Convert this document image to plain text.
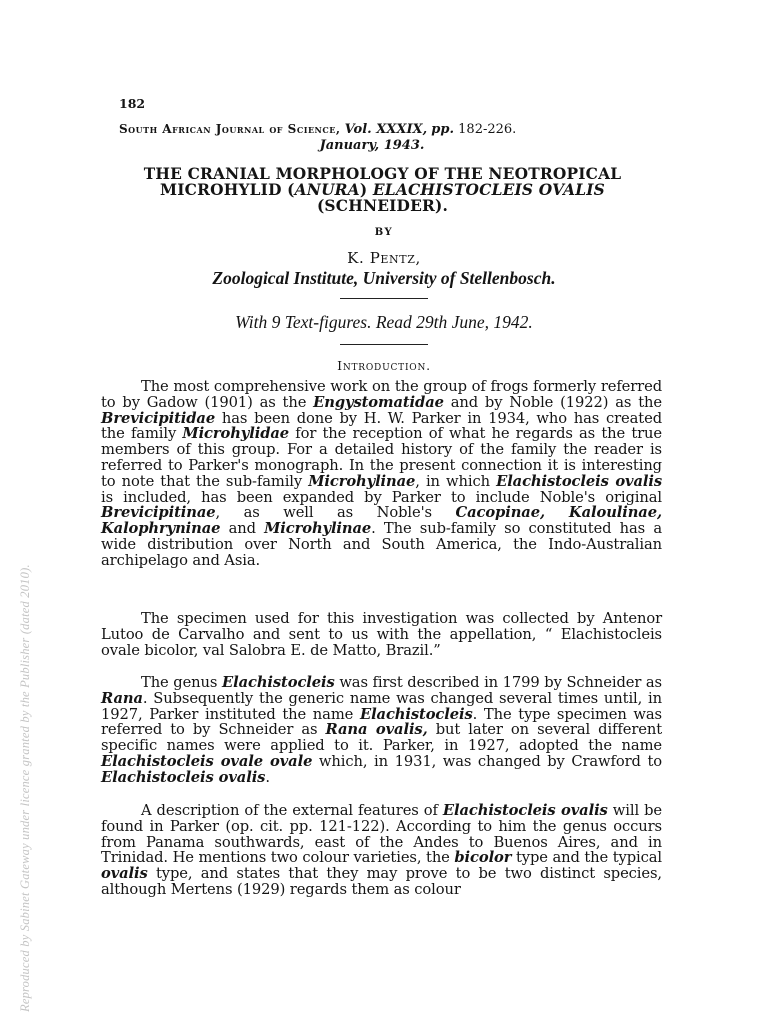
Reproduced by Sabinet Gateway under licence granted by the Publisher (dated 2010).
182
South African Journal of Science, Vol. XXXIX, pp. 182-226.
January, 1943.
THE CRANIAL MORPHOLOGY OF THE NEOTROPICAL
MICROHYLID (ANURA) ELACHISTOCLEIS OVALIS
(SCHNEIDER).
BY
K. Pentz,
Zoological Institute, University of Stellenbosch.
With 9 Text-figures. Read 29th June, 1942.
Introduction.

The most comprehensive work on the group of frogs formerly referred to by Gadow (1901) as the Engystomatidae and by Noble (1922) as the Brevicipitidae has been done by H. W. Parker in 1934, who has created the family Microhylidae for the reception of what he regards as the true members of this group. For a detailed history of the family the reader is referred to Parker's monograph. In the present connection it is interesting to note that the sub-family Microhylinae, in which Elachistocleis ovalis is included, has been expanded by Parker to include Noble's original Brevicipitinae, as well as Noble's Cacopinae, Kaloulinae, Kalophryninae and Microhylinae. The sub-family so constituted has a wide distribution over North and South America, the Indo-Australian archipelago and Asia.

The specimen used for this investigation was collected by Antenor Lutoo de Carvalho and sent to us with the appellation, “ Elachistocleis ovale bicolor, val Salobra E. de Matto, Brazil.”

The genus Elachistocleis was first described in 1799 by Schneider as Rana. Subsequently the generic name was changed several times until, in 1927, Parker instituted the name Elachistocleis. The type specimen was referred to by Schneider as Rana ovalis, but later on several different specific names were applied to it. Parker, in 1927, adopted the name Elachistocleis ovale ovale which, in 1931, was changed by Crawford to Elachistocleis ovalis.

A description of the external features of Elachistocleis ovalis will be found in Parker (op. cit. pp. 121-122). According to him the genus occurs from Panama southwards, east of the Andes to Buenos Aires, and in Trinidad. He mentions two colour varieties, the bicolor type and the typical ovalis type, and states that they may prove to be two distinct species, although Mertens (1929) regards them as colour
